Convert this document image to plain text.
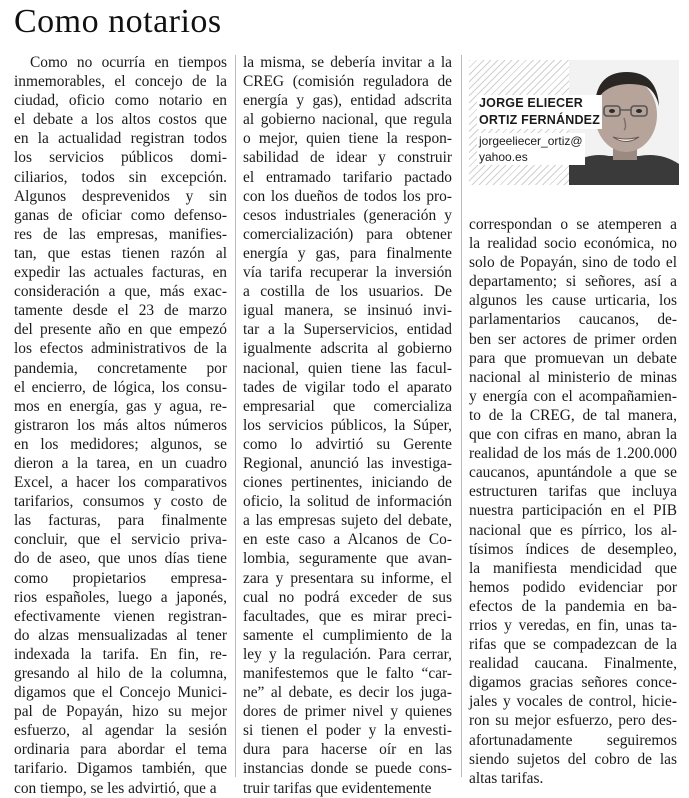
Como notarios
Como no ocurría en tiempos
inmemorables, el concejo de la
ciudad, oficio como notario en
el debate a los altos costos que
en la actualidad registran todos
los servicios públicos domi-
ciliarios, todos sin excepción.
Algunos desprevenidos y sin
ganas de oficiar como defenso-
res de las empresas, manifies-
tan, que estas tienen razón al
expedir las actuales facturas, en
consideración a que, más exac-
tamente desde el 23 de marzo
del presente año en que empezó
los efectos administrativos de la
pandemia, concretamente por
el encierro, de lógica, los consu-
mos en energía, gas y agua, re-
gistraron los más altos números
en los medidores; algunos, se
dieron a la tarea, en un cuadro
Excel, a hacer los comparativos
tarifarios, consumos y costo de
las facturas, para finalmente
concluir, que el servicio priva-
do de aseo, que unos días tiene
como propietarios empresa-
rios españoles, luego a japonés,
efectivamente vienen registran-
do alzas mensualizadas al tener
indexada la tarifa. En fin, re-
gresando al hilo de la columna,
digamos que el Concejo Munici-
pal de Popayán, hizo su mejor
esfuerzo, al agendar la sesión
ordinaria para abordar el tema
tarifario. Digamos también, que
con tiempo, se les advirtió, que a
la misma, se debería invitar a la
CREG (comisión reguladora de
energía y gas), entidad adscrita
al gobierno nacional, que regula
o mejor, quien tiene la respon-
sabilidad de idear y construir
el entramado tarifario pactado
con los dueños de todos los pro-
cesos industriales (generación y
comercialización) para obtener
energía y gas, para finalmente
vía tarifa recuperar la inversión
a costilla de los usuarios. De
igual manera, se insinuó invi-
tar a la Superservicios, entidad
igualmente adscrita al gobierno
nacional, quien tiene las facul-
tades de vigilar todo el aparato
empresarial que comercializa
los servicios públicos, la Súper,
como lo advirtió su Gerente
Regional, anunció las investiga-
ciones pertinentes, iniciando de
oficio, la solitud de información
a las empresas sujeto del debate,
en este caso a Alcanos de Co-
lombia, seguramente que avan-
zara y presentara su informe, el
cual no podrá exceder de sus
facultades, que es mirar preci-
samente el cumplimiento de la
ley y la regulación. Para cerrar,
manifestemos que le falto “car-
ne” al debate, es decir los juga-
dores de primer nivel y quienes
si tienen el poder y la envesti-
dura para hacerse oír en las
instancias donde se puede cons-
truir tarifas que evidentemente
JORGE ELIECER
ORTIZ FERNÁNDEZ
jorgeeliecer_ortiz@
yahoo.es
correspondan o se atemperen a
la realidad socio económica, no
solo de Popayán, sino de todo el
departamento; si señores, así a
algunos les cause urticaria, los
parlamentarios caucanos, de-
ben ser actores de primer orden
para que promuevan un debate
nacional al ministerio de minas
y energía con el acompañamien-
to de la CREG, de tal manera,
que con cifras en mano, abran la
realidad de los más de 1.200.000
caucanos, apuntándole a que se
estructuren tarifas que incluya
nuestra participación en el PIB
nacional que es pírrico, los al-
tísimos índices de desempleo,
la manifiesta mendicidad que
hemos podido evidenciar por
efectos de la pandemia en ba-
rrios y veredas, en fin, unas ta-
rifas que se compadezcan de la
realidad caucana. Finalmente,
digamos gracias señores conce-
jales y vocales de control, hicie-
ron su mejor esfuerzo, pero des-
afortunadamente seguiremos
siendo sujetos del cobro de las
altas tarifas.
